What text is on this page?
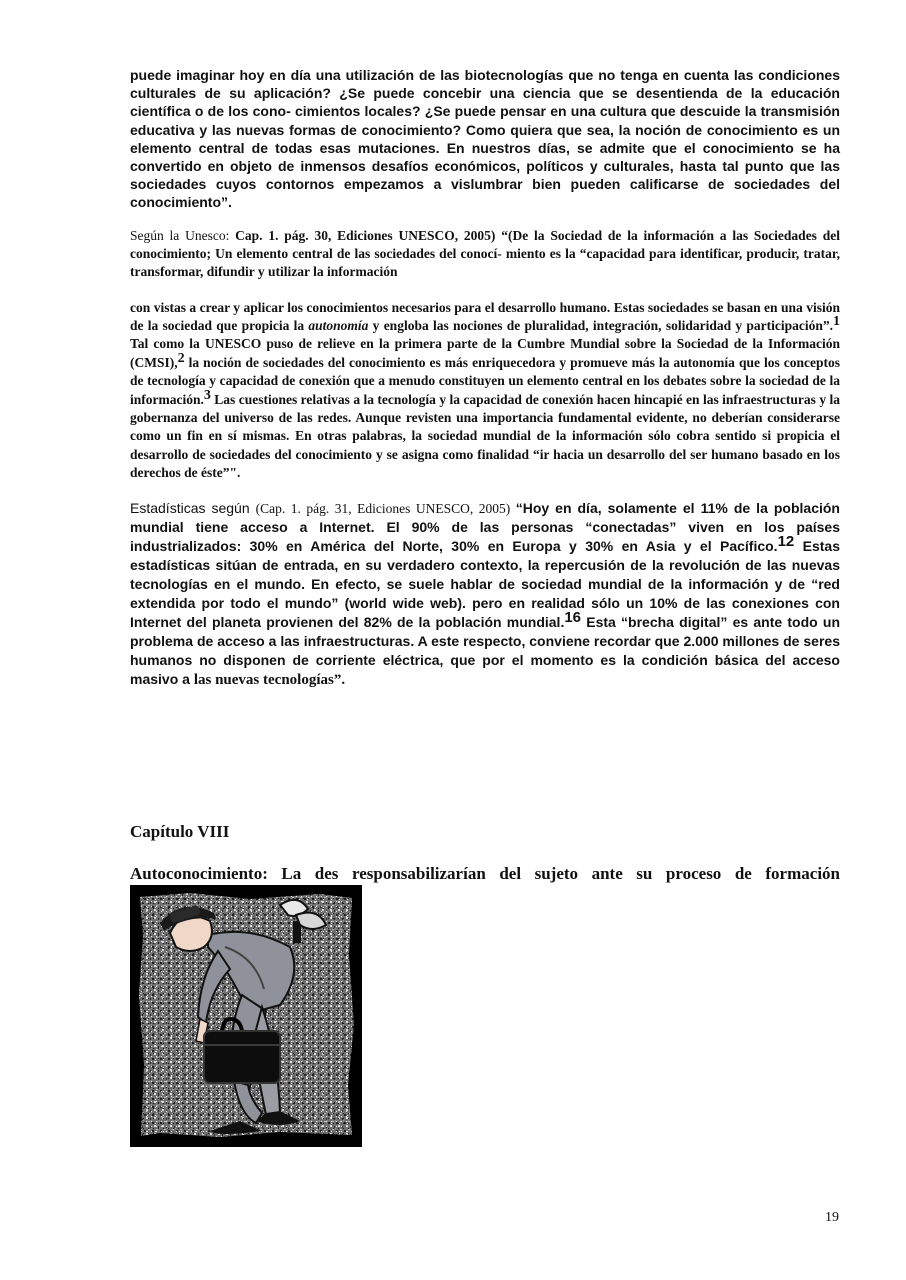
puede imaginar hoy en día una utilización de las biotecnologías que no tenga en cuenta las condiciones culturales de su aplicación? ¿Se puede concebir una ciencia que se desentienda de la educación científica o de los cono- cimientos locales? ¿Se puede pensar en una cultura que descuide la transmisión educativa y las nuevas formas de conocimiento? Como quiera que sea, la noción de conocimiento es un elemento central de todas esas mutaciones. En nuestros días, se admite que el conocimiento se ha convertido en objeto de inmensos desafíos económicos, políticos y culturales, hasta tal punto que las sociedades cuyos contornos empezamos a vislumbrar bien pueden calificarse de sociedades del conocimiento”.

Según la Unesco: Cap. 1. pág. 30, Ediciones UNESCO, 2005) “(De la Sociedad de la información a las Sociedades del conocimiento; Un elemento central de las sociedades del conocí- miento es la “capacidad para identificar, producir, tratar, transformar, difundir y utilizar la información

con vistas a crear y aplicar los conocimientos necesarios para el desarrollo humano. Estas sociedades se basan en una visión de la sociedad que propicia la autonomía y engloba las nociones de pluralidad, integración, solidaridad y participación”.$^1$ Tal como la UNESCO puso de relieve en la primera parte de la Cumbre Mundial sobre la Sociedad de la Información (CMSI),$^2$ la noción de sociedades del conocimiento es más enriquecedora y promueve más la autonomía que los conceptos de tecnología y capacidad de conexión que a menudo constituyen un elemento central en los debates sobre la sociedad de la información.$^3$ Las cuestiones relativas a la tecnología y la capacidad de conexión hacen hincapié en las infraestructuras y la gobernanza del universo de las redes. Aunque revisten una importancia fundamental evidente, no deberían considerarse como un fin en sí mismas. En otras palabras, la sociedad mundial de la información sólo cobra sentido si propicia el desarrollo de sociedades del conocimiento y se asigna como finalidad “ir hacia un desarrollo del ser humano basado en los derechos de éste”".

Estadísticas según (Cap. 1. pág. 31, Ediciones UNESCO, 2005) “Hoy en día, solamente el 11% de la población mundial tiene acceso a Internet. El 90% de las personas “conectadas” viven en los países industrializados: 30% en América del Norte, 30% en Europa y 30% en Asia y el Pacífico.$^{12}$ Estas estadísticas sitúan de entrada, en su verdadero contexto, la repercusión de la revolución de las nuevas tecnologías en el mundo. En efecto, se suele hablar de sociedad mundial de la información y de “red extendida por todo el mundo” (world wide web). pero en realidad sólo un 10% de las conexiones con Internet del planeta provienen del 82% de la población mundial.$^{16}$ Esta “brecha digital” es ante todo un problema de acceso a las infraestructuras. A este respecto, conviene recordar que 2.000 millones de seres humanos no disponen de corriente eléctrica, que por el momento es la condición básica del acceso masivo a las nuevas tecnologías”.

Capítulo VIII
Autoconocimiento: La des responsabilizarían del sujeto ante su proceso de formación
19
